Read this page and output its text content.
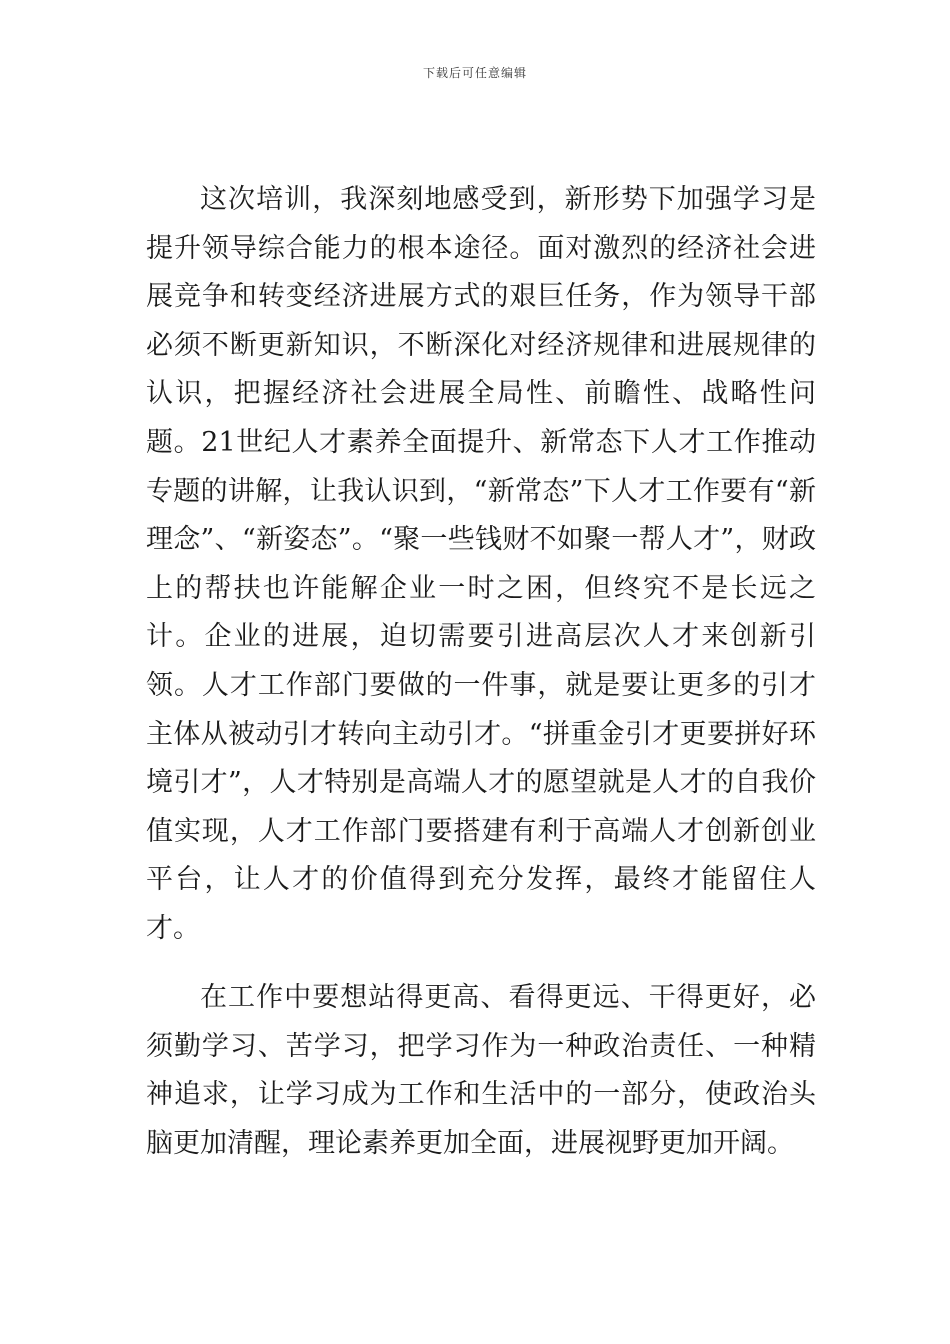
下载后可任意编辑

这次培训，我深刻地感受到，新形势下加强学习是提升领导综合能力的根本途径。面对激烈的经济社会进展竞争和转变经济进展方式的艰巨任务，作为领导干部必须不断更新知识，不断深化对经济规律和进展规律的认识，把握经济社会进展全局性、前瞻性、战略性问题。21世纪人才素养全面提升、新常态下人才工作推动专题的讲解，让我认识到，“新常态”下人才工作要有“新理念”、“新姿态”。“聚一些钱财不如聚一帮人才”，财政上的帮扶也许能解企业一时之困，但终究不是长远之计。企业的进展，迫切需要引进高层次人才来创新引领。人才工作部门要做的一件事，就是要让更多的引才主体从被动引才转向主动引才。“拼重金引才更要拼好环境引才”，人才特别是高端人才的愿望就是人才的自我价值实现，人才工作部门要搭建有利于高端人才创新创业平台，让人才的价值得到充分发挥，最终才能留住人才。

在工作中要想站得更高、看得更远、干得更好，必须勤学习、苦学习，把学习作为一种政治责任、一种精神追求，让学习成为工作和生活中的一部分，使政治头脑更加清醒，理论素养更加全面，进展视野更加开阔。
